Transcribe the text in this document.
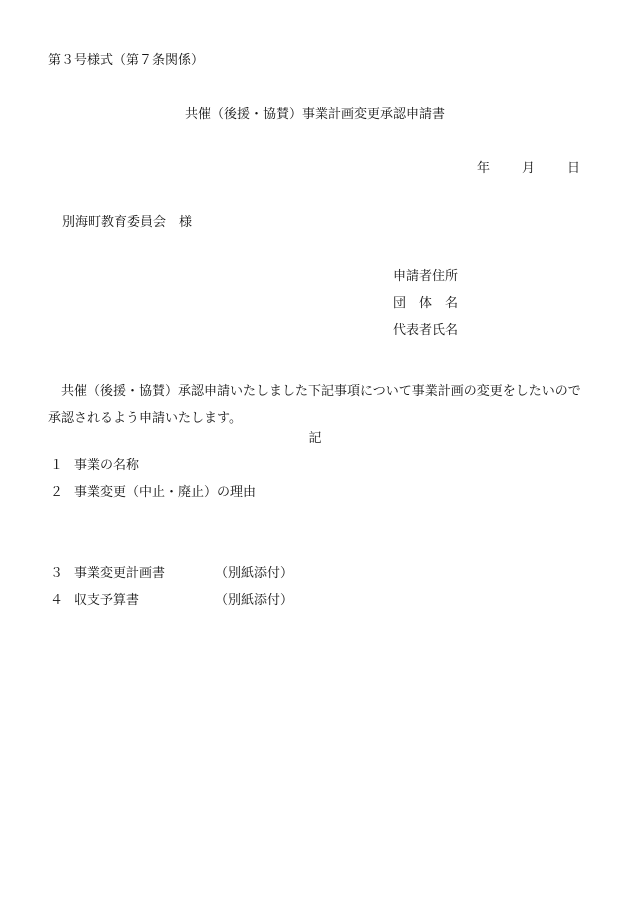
第３号様式（第７条関係）
共催（後援・協賛）事業計画変更承認申請書
年 月 日
別海町教育委員会　様
申請者住所
団　体　名
代表者氏名
共催（後援・協賛）承認申請いたしました下記事項について事業計画の変更をしたいので承認されるよう申請いたします。
記
１ 事業の名称
２ 事業変更（中止・廃止）の理由
３ 事業変更計画書	（別紙添付）
４ 収支予算書	（別紙添付）
